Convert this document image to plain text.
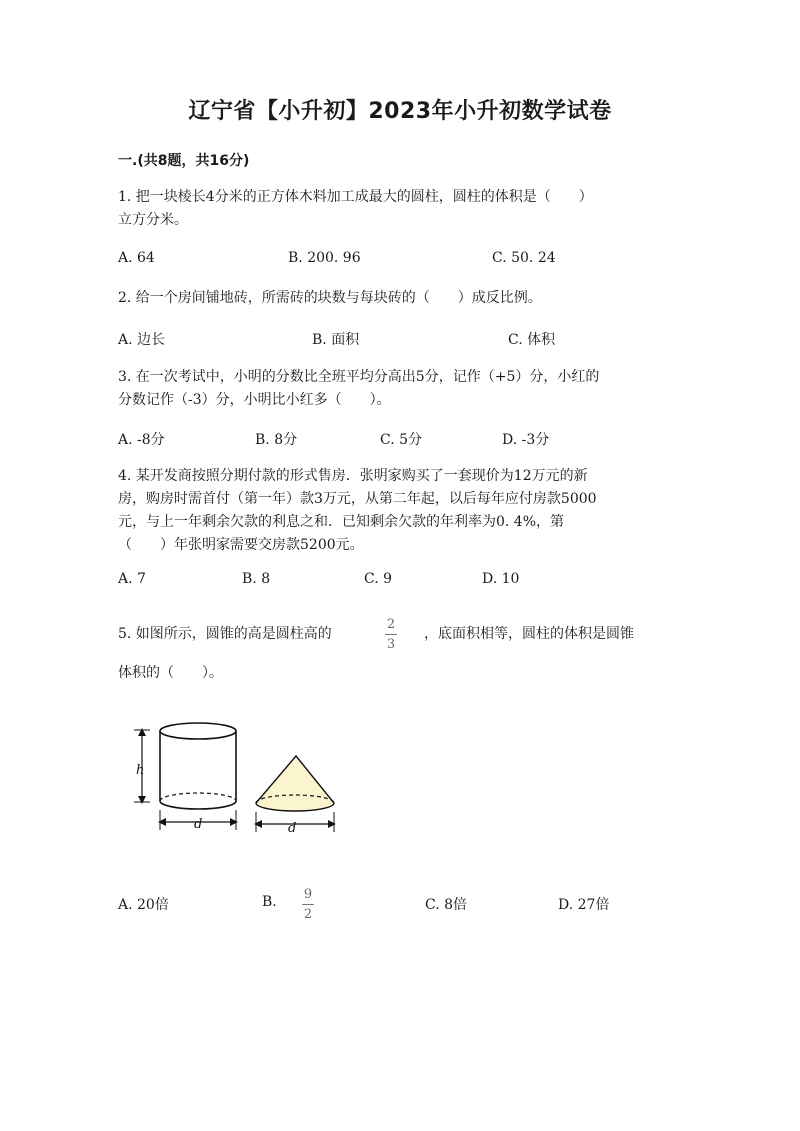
辽宁省【小升初】2023年小升初数学试卷
一.(共8题，共16分)
1. 把一块棱长4分米的正方体木料加工成最大的圆柱，圆柱的体积是（　　）
立方分米。
A. 64	B. 200. 96	C. 50. 24
2. 给一个房间铺地砖，所需砖的块数与每块砖的（　　）成反比例。
A. 边长	B. 面积	C. 体积
3. 在一次考试中，小明的分数比全班平均分高出5分，记作（+5）分，小红的
分数记作（-3）分，小明比小红多（　　）。
A. -8分	B. 8分	C. 5分	D. -3分
4. 某开发商按照分期付款的形式售房．张明家购买了一套现价为12万元的新
房，购房时需首付（第一年）款3万元，从第二年起，以后每年应付房款5000
元，与上一年剩余欠款的利息之和．已知剩余欠款的年利率为0. 4%，第
（　　）年张明家需要交房款5200元。
A. 7	B. 8	C. 9	D. 10
5. 如图所示，圆锥的高是圆柱高的
2
3
，底面积相等，圆柱的体积是圆锥
体积的（　　）。
h
d	d
A. 20倍	B. 9
2
C. 8倍	D. 27倍
